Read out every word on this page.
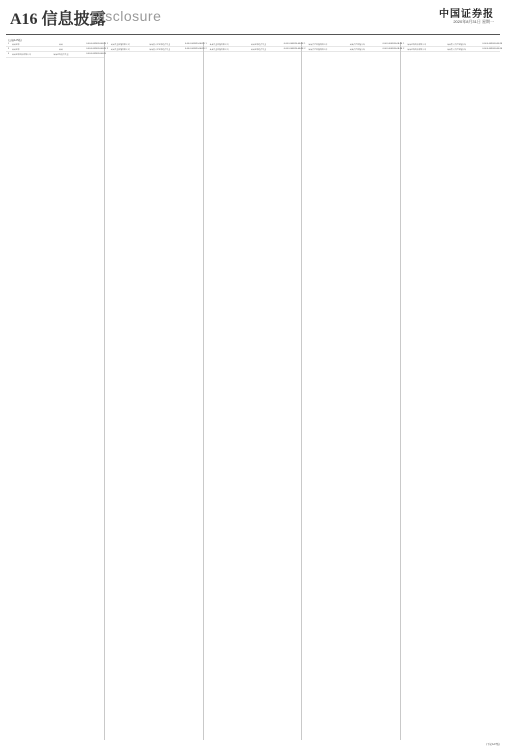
A16 信息披露
Disclosure	中国证券报
2020年8月31日 星期一
(上接A15版)
1	某某证券	某某	0.00 0.00 2020-08-28
2	某某证券	某某	0.00 0.00 2020-08-28
3	某某证券股份有限公司	某某证券投资基金	0.00 0.00 2020-08-28
1	某某基金管理有限公司	某某混合型证券投资基金	0.00 0.00 2020-08-28
2	某某基金管理有限公司	某某混合型证券投资基金	0.00 0.00 2020-08-28
1	某某基金管理有限公司	某某证券投资基金	0.00 0.00 2020-08-28
2	某某基金管理有限公司	某某证券投资基金	0.00 0.00 2020-08-28
1	某某资产管理有限公司	某某资产管理计划	0.00 0.00 2020-08-28
2	某某资产管理有限公司	某某资产管理计划	0.00 0.00 2020-08-28
1	某某证券股份有限公司	某某集合资产管理计划	0.00 0.00 2020-08-28
2	某某证券股份有限公司	某某集合资产管理计划	0.00 0.00 2020-08-28
(下转A17版)
